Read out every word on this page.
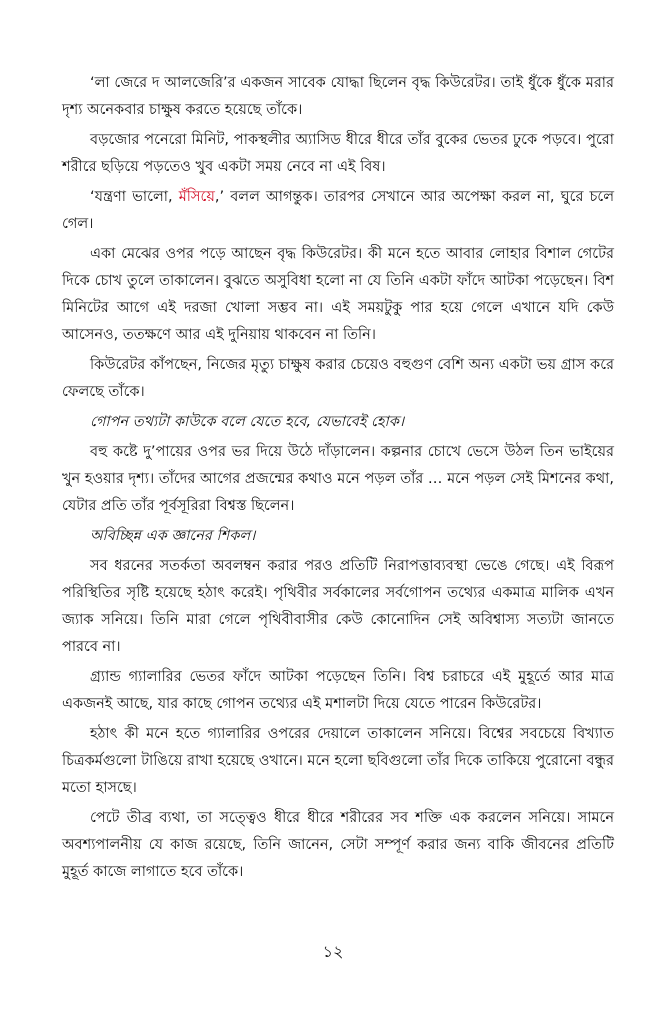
‘লা জেরে দ আলজেরি’র একজন সাবেক যোদ্ধা ছিলেন বৃদ্ধ কিউরেটর। তাই ধুঁকে ধুঁকে মরার দৃশ্য অনেকবার চাক্ষুষ করতে হয়েছে তাঁকে।

বড়জোর পনেরো মিনিট, পাকস্থলীর অ্যাসিড ধীরে ধীরে তাঁর বুকের ভেতর ঢুকে পড়বে। পুরো শরীরে ছড়িয়ে পড়তেও খুব একটা সময় নেবে না এই বিষ।

‘যন্ত্রণা ভালো, মঁসিয়ে,’ বলল আগন্তুক। তারপর সেখানে আর অপেক্ষা করল না, ঘুরে চলে গেল।

একা মেঝের ওপর পড়ে আছেন বৃদ্ধ কিউরেটর। কী মনে হতে আবার লোহার বিশাল গেটের দিকে চোখ তুলে তাকালেন। বুঝতে অসুবিধা হলো না যে তিনি একটা ফাঁদে আটকা পড়েছেন। বিশ মিনিটের আগে এই দরজা খোলা সম্ভব না। এই সময়টুকু পার হয়ে গেলে এখানে যদি কেউ আসেনও, ততক্ষণে আর এই দুনিয়ায় থাকবেন না তিনি।

কিউরেটর কাঁপছেন, নিজের মৃত্যু চাক্ষুষ করার চেয়েও বহুগুণ বেশি অন্য একটা ভয় গ্রাস করে ফেলছে তাঁকে।

গোপন তথ্যটা কাউকে বলে যেতে হবে, যেভাবেই হোক।

বহু কষ্টে দু’পায়ের ওপর ভর দিয়ে উঠে দাঁড়ালেন। কল্পনার চোখে ভেসে উঠল তিন ভাইয়ের খুন হওয়ার দৃশ্য। তাঁদের আগের প্রজন্মের কথাও মনে পড়ল তাঁর … মনে পড়ল সেই মিশনের কথা, যেটার প্রতি তাঁর পূর্বসূরিরা বিশ্বস্ত ছিলেন।

অবিচ্ছিন্ন এক জ্ঞানের শিকল।

সব ধরনের সতর্কতা অবলম্বন করার পরও প্রতিটি নিরাপত্তাব্যবস্থা ভেঙে গেছে। এই বিরূপ পরিস্থিতির সৃষ্টি হয়েছে হঠাৎ করেই। পৃথিবীর সর্বকালের সর্বগোপন তথ্যের একমাত্র মালিক এখন জ্যাক সনিয়ে। তিনি মারা গেলে পৃথিবীবাসীর কেউ কোনোদিন সেই অবিশ্বাস্য সত্যটা জানতে পারবে না।

গ্র্যান্ড গ্যালারির ভেতর ফাঁদে আটকা পড়েছেন তিনি। বিশ্ব চরাচরে এই মুহূর্তে আর মাত্র একজনই আছে, যার কাছে গোপন তথ্যের এই মশালটা দিয়ে যেতে পারেন কিউরেটর।

হঠাৎ কী মনে হতে গ্যালারির ওপরের দেয়ালে তাকালেন সনিয়ে। বিশ্বের সবচেয়ে বিখ্যাত চিত্রকর্মগুলো টাঙিয়ে রাখা হয়েছে ওখানে। মনে হলো ছবিগুলো তাঁর দিকে তাকিয়ে পুরোনো বন্ধুর মতো হাসছে।

পেটে তীব্র ব্যথা, তা সত্ত্বেও ধীরে ধীরে শরীরের সব শক্তি এক করলেন সনিয়ে। সামনে অবশ্যপালনীয় যে কাজ রয়েছে, তিনি জানেন, সেটা সম্পূর্ণ করার জন্য বাকি জীবনের প্রতিটি মুহূর্ত কাজে লাগাতে হবে তাঁকে।

১২
